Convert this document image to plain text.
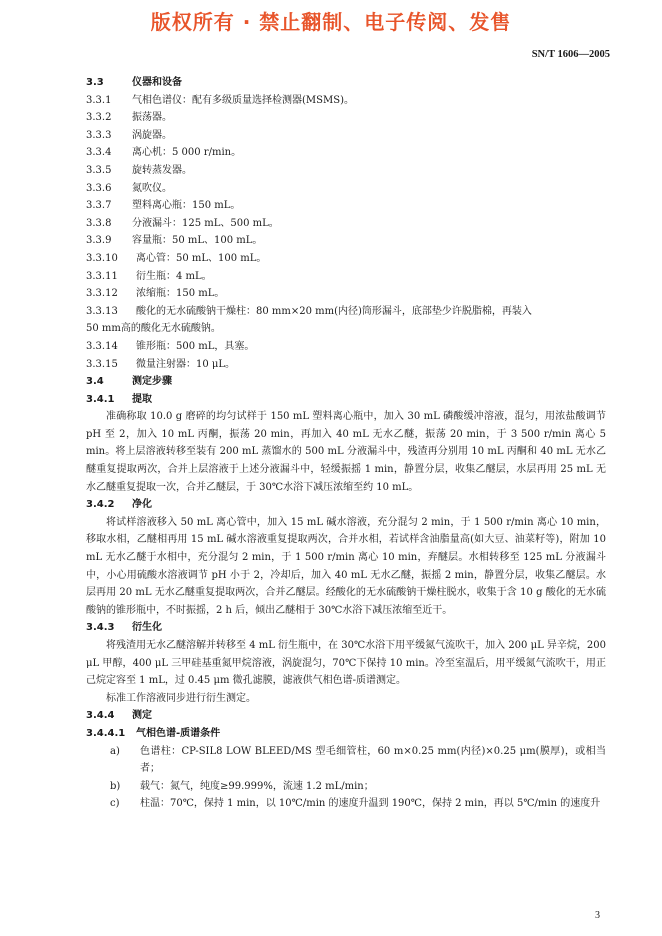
版权所有 · 禁止翻制、电子传阅、发售
SN/T 1606—2005
3.3	仪器和设备
3.3.1	气相色谱仪：配有多级质量选择检测器(MSMS)。
3.3.2	振荡器。
3.3.3	涡旋器。
3.3.4	离心机：5 000 r/min。
3.3.5	旋转蒸发器。
3.3.6	氮吹仪。
3.3.7	塑料离心瓶：150 mL。
3.3.8	分液漏斗：125 mL、500 mL。
3.3.9	容量瓶：50 mL、100 mL。
3.3.10	离心管：50 mL、100 mL。
3.3.11	衍生瓶：4 mL。
3.3.12	浓缩瓶：150 mL。
3.3.13	酸化的无水硫酸钠干燥柱：80 mm×20 mm(内径)筒形漏斗，底部垫少许脱脂棉，再装入
50 mm高的酸化无水硫酸钠。
3.3.14	锥形瓶：500 mL，具塞。
3.3.15	微量注射器：10 μL。
3.4	测定步骤
3.4.1	提取
准确称取 10.0 g 磨碎的均匀试样于 150 mL 塑料离心瓶中，加入 30 mL 磷酸缓冲溶液，混匀，用浓盐酸调节 pH 至 2，加入 10 mL 丙酮，振荡 20 min，再加入 40 mL 无水乙醚，振荡 20 min，于 3 500 r/min 离心 5 min。将上层溶液转移至装有 200 mL 蒸馏水的 500 mL 分液漏斗中，残渣再分别用 10 mL 丙酮和 40 mL 无水乙醚重复提取两次，合并上层溶液于上述分液漏斗中，轻缓振摇 1 min，静置分层，收集乙醚层，水层再用 25 mL 无水乙醚重复提取一次，合并乙醚层，于 30℃水浴下减压浓缩至约 10 mL。
3.4.2	净化
将试样溶液移入 50 mL 离心管中，加入 15 mL 碱水溶液，充分混匀 2 min，于 1 500 r/min 离心 10 min，移取水相，乙醚相再用 15 mL 碱水溶液重复提取两次，合并水相，若试样含油脂量高(如大豆、油菜籽等)，附加 10 mL 无水乙醚于水相中，充分混匀 2 min，于 1 500 r/min 离心 10 min，弃醚层。水相转移至 125 mL 分液漏斗中，小心用硫酸水溶液调节 pH 小于 2，冷却后，加入 40 mL 无水乙醚，振摇 2 min，静置分层，收集乙醚层。水层再用 20 mL 无水乙醚重复提取两次，合并乙醚层。经酸化的无水硫酸钠干燥柱脱水，收集于含 10 g 酸化的无水硫酸钠的锥形瓶中，不时振摇，2 h 后，倾出乙醚相于 30℃水浴下减压浓缩至近干。
3.4.3	衍生化
将残渣用无水乙醚溶解并转移至 4 mL 衍生瓶中，在 30℃水浴下用平缓氮气流吹干，加入 200 μL 异辛烷，200 μL 甲醇，400 μL 三甲硅基重氮甲烷溶液，涡旋混匀，70℃下保持 10 min。冷至室温后，用平缓氮气流吹干，用正己烷定容至 1 mL，过 0.45 μm 微孔滤膜，滤液供气相色谱-质谱测定。
标准工作溶液同步进行衍生测定。
3.4.4	测定
3.4.4.1	气相色谱-质谱条件
a)	色谱柱：CP-SIL8 LOW BLEED/MS 型毛细管柱，60 m×0.25 mm(内径)×0.25 μm(膜厚)，或相当者；
b)	载气：氮气，纯度≥99.999%，流速 1.2 mL/min；
c)	柱温：70℃，保持 1 min，以 10℃/min 的速度升温到 190℃，保持 2 min，再以 5℃/min 的速度升
3
